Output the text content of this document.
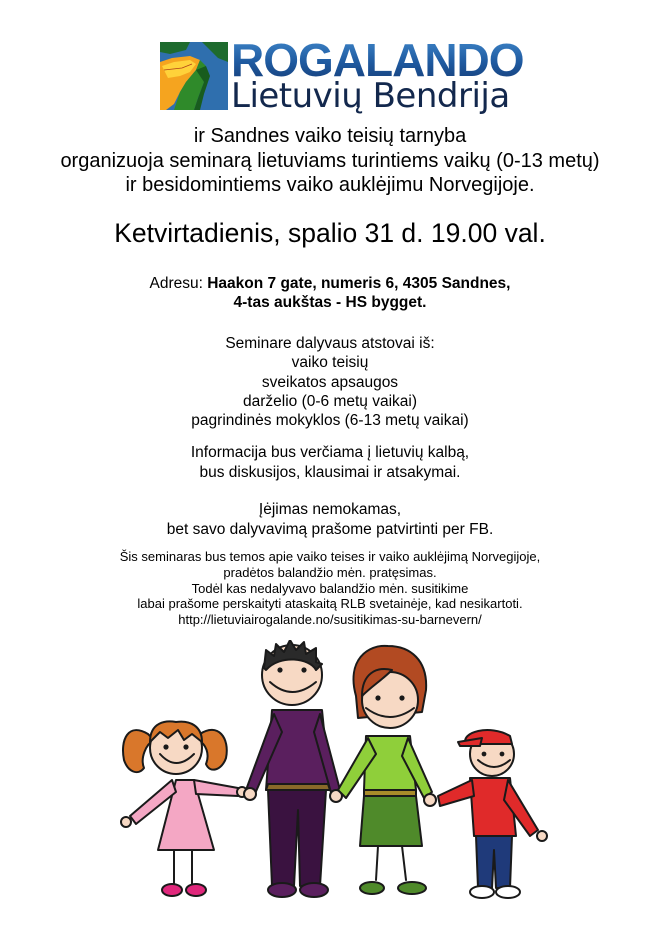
ROGALANDO
Lietuvių Bendrija
ir Sandnes vaiko teisių tarnyba
organizuoja seminarą lietuviams turintiems vaikų (0-13 metų)
ir besidomintiems vaiko auklėjimu Norvegijoje.
Ketvirtadienis, spalio 31 d. 19.00 val.
Adresu: Haakon 7 gate, numeris 6, 4305 Sandnes,
4-tas aukštas - HS bygget.
Seminare dalyvaus atstovai iš:
vaiko teisių
sveikatos apsaugos
darželio (0-6 metų vaikai)
pagrindinės mokyklos (6-13 metų vaikai)
Informacija bus verčiama į lietuvių kalbą,
bus diskusijos, klausimai ir atsakymai.
Įėjimas nemokamas,
bet savo dalyvavimą prašome patvirtinti per FB.
Šis seminaras bus temos apie vaiko teises ir vaiko auklėjimą Norvegijoje,
pradėtos balandžio mėn. pratęsimas.
Todėl kas nedalyvavo balandžio mėn. susitikime
labai prašome perskaityti ataskaitą RLB svetainėje, kad nesikartoti.
http://lietuviairogalande.no/susitikimas-su-barnevern/
